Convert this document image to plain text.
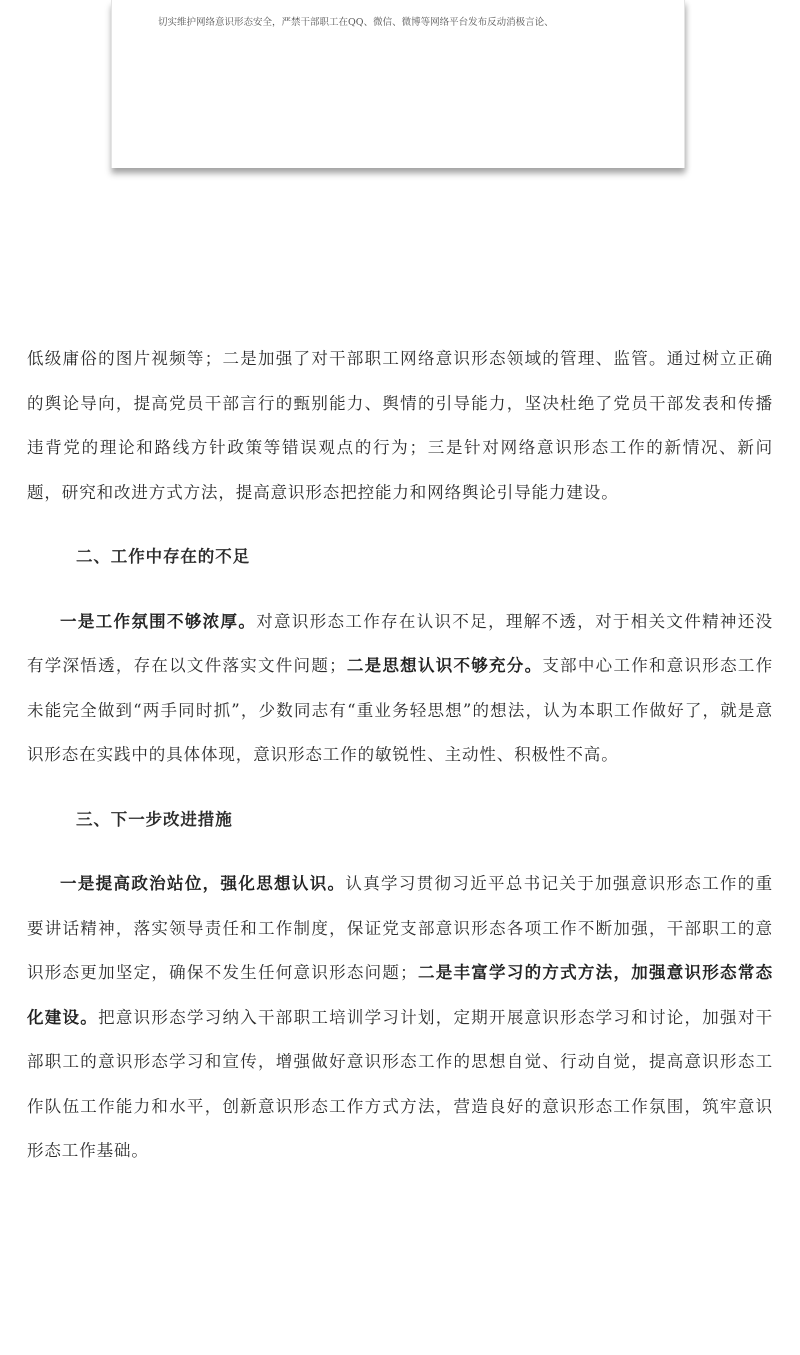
切实维护网络意识形态安全，严禁干部职工在QQ、微信、微博等网络平台发布反动消极言论、

低级庸俗的图片视频等；二是加强了对干部职工网络意识形态领域的管理、监管。通过树立正确的舆论导向，提高党员干部言行的甄别能力、舆情的引导能力，坚决杜绝了党员干部发表和传播违背党的理论和路线方针政策等错误观点的行为；三是针对网络意识形态工作的新情况、新问题，研究和改进方式方法，提高意识形态把控能力和网络舆论引导能力建设。

二、工作中存在的不足

一是工作氛围不够浓厚。对意识形态工作存在认识不足，理解不透，对于相关文件精神还没有学深悟透，存在以文件落实文件问题；二是思想认识不够充分。支部中心工作和意识形态工作未能完全做到“两手同时抓”，少数同志有“重业务轻思想”的想法，认为本职工作做好了，就是意识形态在实践中的具体体现，意识形态工作的敏锐性、主动性、积极性不高。

三、下一步改进措施

一是提高政治站位，强化思想认识。认真学习贯彻习近平总书记关于加强意识形态工作的重要讲话精神，落实领导责任和工作制度，保证党支部意识形态各项工作不断加强，干部职工的意识形态更加坚定，确保不发生任何意识形态问题；二是丰富学习的方式方法，加强意识形态常态化建设。把意识形态学习纳入干部职工培训学习计划，定期开展意识形态学习和讨论，加强对干部职工的意识形态学习和宣传，增强做好意识形态工作的思想自觉、行动自觉，提高意识形态工作队伍工作能力和水平，创新意识形态工作方式方法，营造良好的意识形态工作氛围，筑牢意识形态工作基础。
